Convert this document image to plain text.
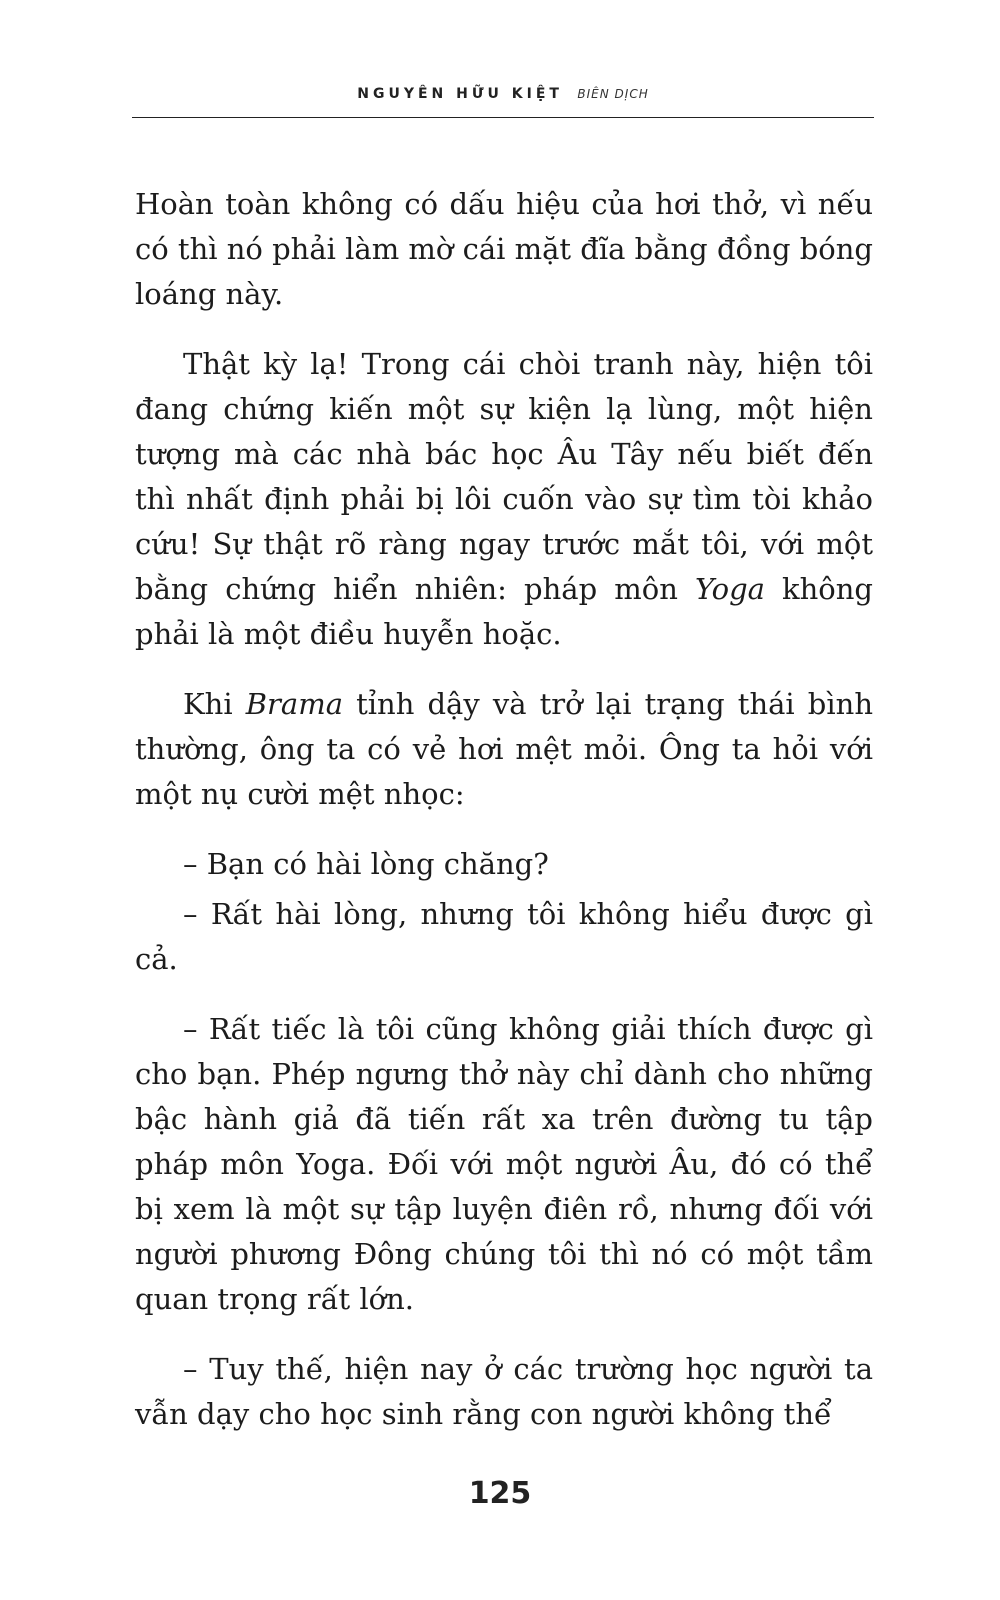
NGUYÊN HỮU KIỆT BIÊN DỊCH

Hoàn toàn không có dấu hiệu của hơi thở, vì nếu có thì nó phải làm mờ cái mặt đĩa bằng đồng bóng loáng này.

Thật kỳ lạ! Trong cái chòi tranh này, hiện tôi đang chứng kiến một sự kiện lạ lùng, một hiện tượng mà các nhà bác học Âu Tây nếu biết đến thì nhất định phải bị lôi cuốn vào sự tìm tòi khảo cứu! Sự thật rõ ràng ngay trước mắt tôi, với một bằng chứng hiển nhiên: pháp môn Yoga không phải là một điều huyễn hoặc.

Khi Brama tỉnh dậy và trở lại trạng thái bình thường, ông ta có vẻ hơi mệt mỏi. Ông ta hỏi với một nụ cười mệt nhọc:

– Bạn có hài lòng chăng?

– Rất hài lòng, nhưng tôi không hiểu được gì cả.

– Rất tiếc là tôi cũng không giải thích được gì cho bạn. Phép ngưng thở này chỉ dành cho những bậc hành giả đã tiến rất xa trên đường tu tập pháp môn Yoga. Đối với một người Âu, đó có thể bị xem là một sự tập luyện điên rồ, nhưng đối với người phương Đông chúng tôi thì nó có một tầm quan trọng rất lớn.

– Tuy thế, hiện nay ở các trường học người ta vẫn dạy cho học sinh rằng con người không thể

125
